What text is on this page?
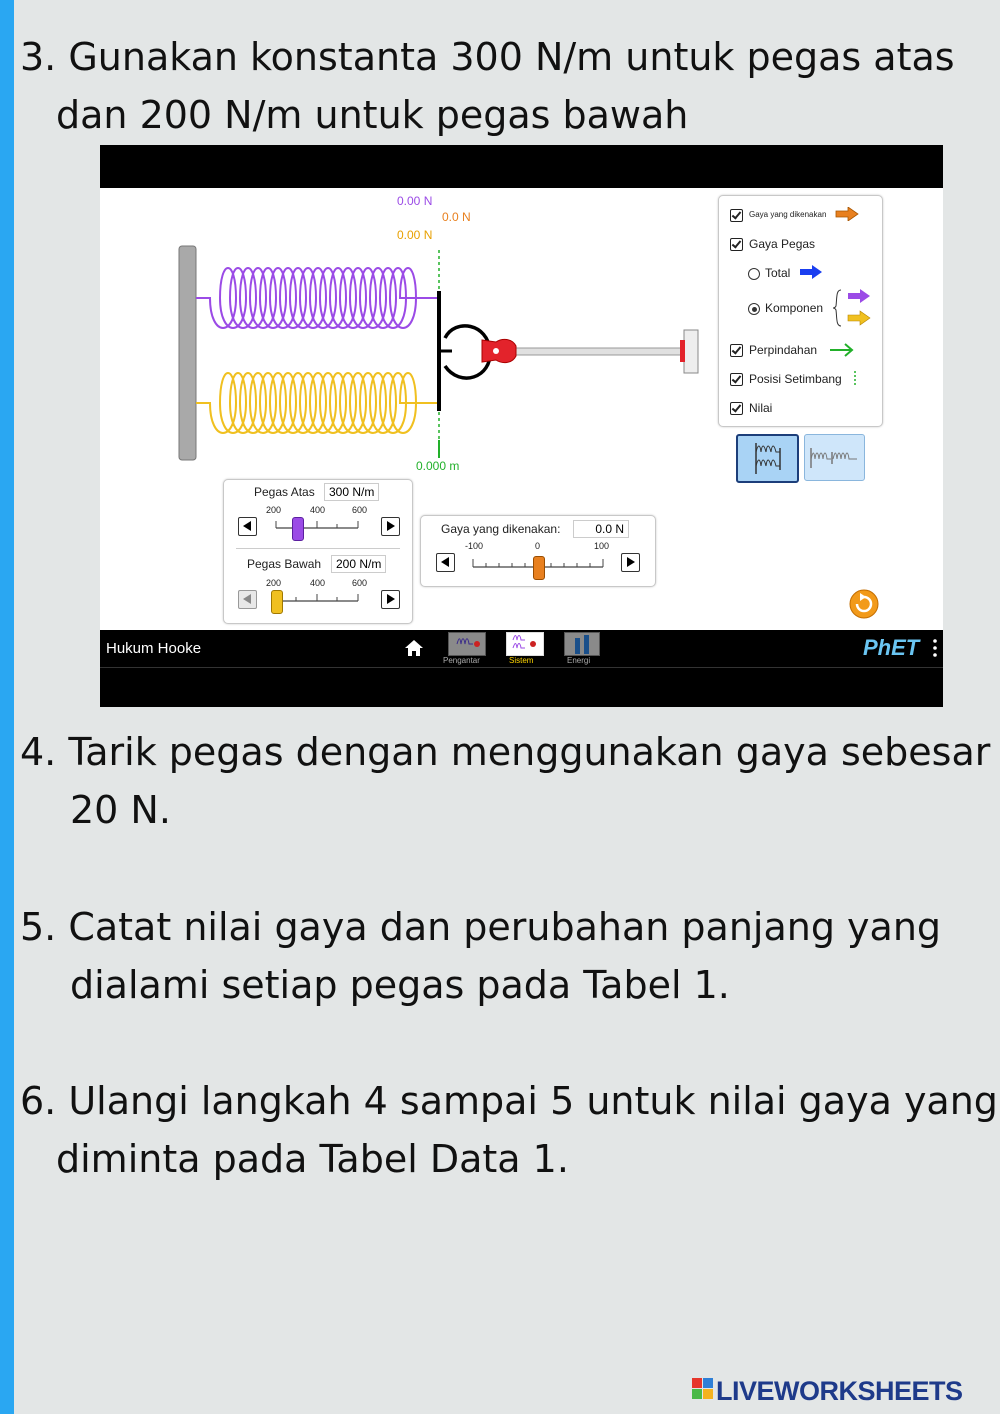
3. Gunakan konstanta 300 N/m untuk pegas atas
dan 200 N/m untuk pegas bawah
0.00 N
0.0 N
0.00 N
0.000 m
Gaya yang dikenakan
Gaya Pegas
Total
Komponen
Perpindahan
Posisi Setimbang
Nilai
Pegas Atas	300 N/m
200	400	600
Pegas Bawah	200 N/m
200	400	600
Gaya yang dikenakan:	0.0 N
-100	0	100
Hukum Hooke
Pengantar	Sistem	Energi
PhET
4. Tarik pegas dengan menggunakan gaya sebesar
20 N.
5. Catat nilai gaya dan perubahan panjang yang
dialami setiap pegas pada Tabel 1.
6. Ulangi langkah 4 sampai 5 untuk nilai gaya yang
diminta pada Tabel Data 1.
LIVEWORKSHEETS
